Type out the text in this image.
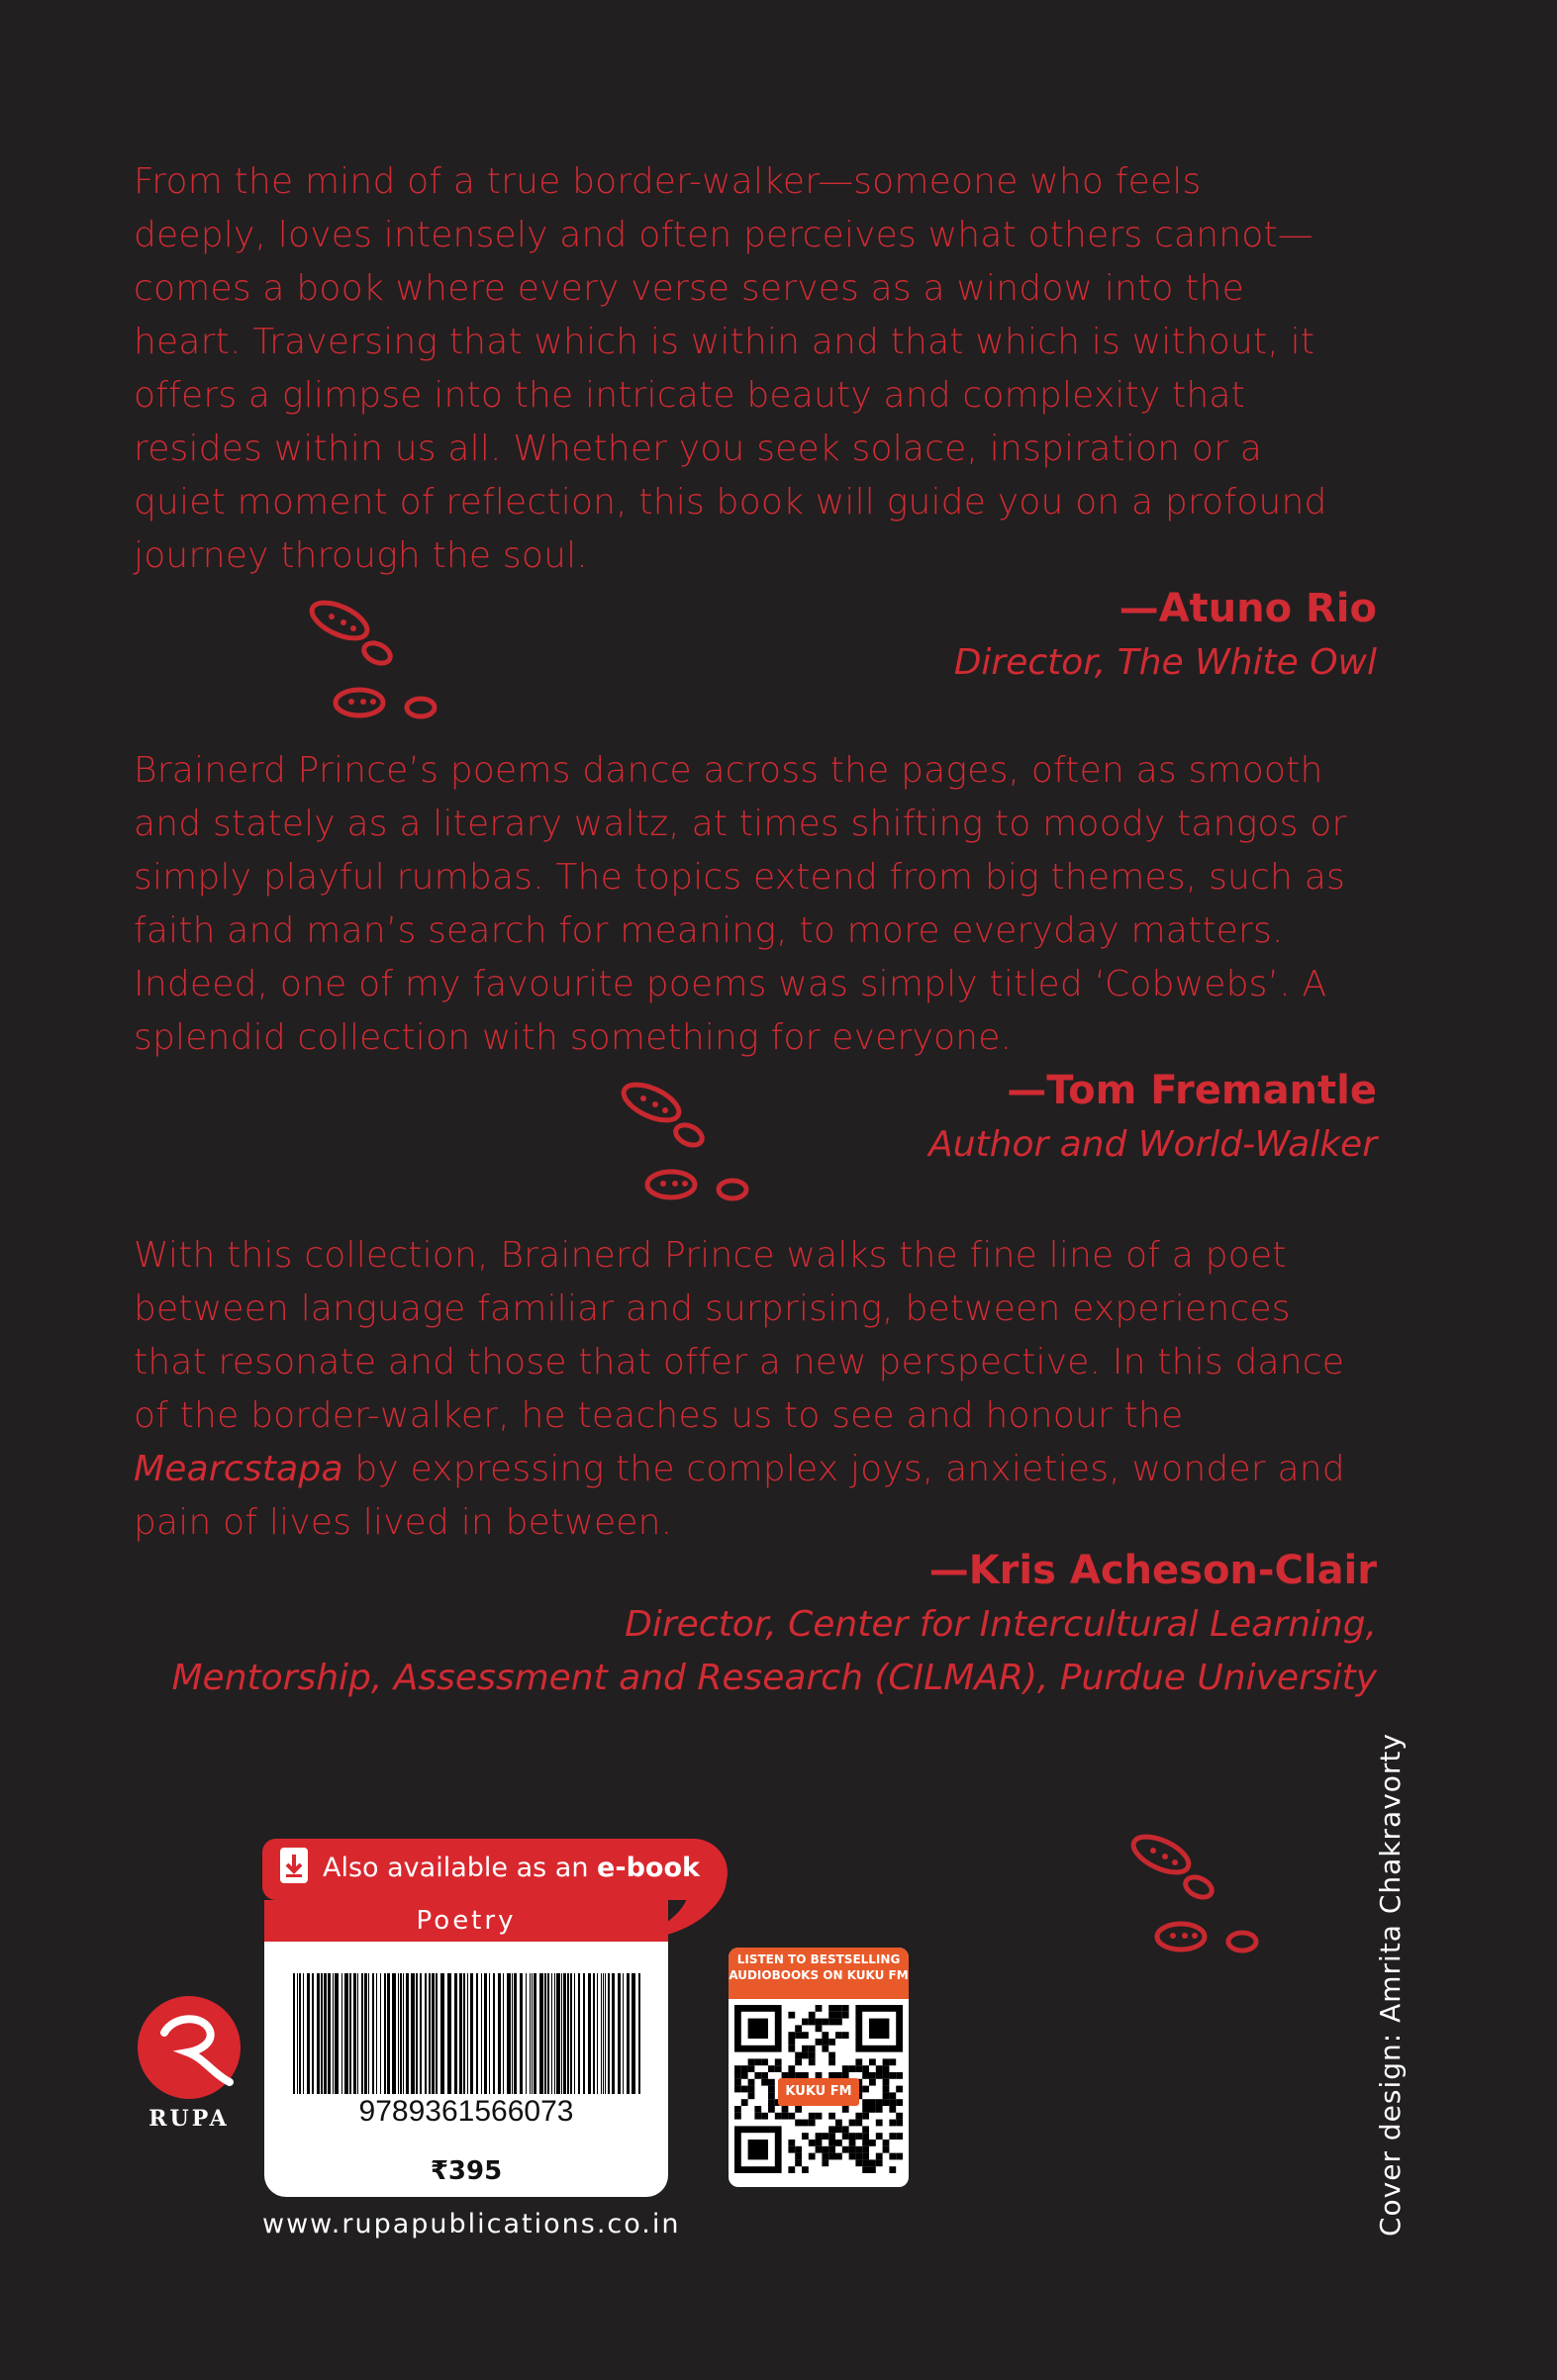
From the mind of a true border-walker—someone who feels deeply, loves intensely and often perceives what others cannot—comes a book where every verse serves as a window into the heart. Traversing that which is within and that which is without, it offers a glimpse into the intricate beauty and complexity that resides within us all. Whether you seek solace, inspiration or a quiet moment of reflection, this book will guide you on a profound journey through the soul.

—Atuno Rio
Director, The White Owl

Brainerd Prince’s poems dance across the pages, often as smooth and stately as a literary waltz, at times shifting to moody tangos or simply playful rumbas. The topics extend from big themes, such as faith and man’s search for meaning, to more everyday matters. Indeed, one of my favourite poems was simply titled ‘Cobwebs’. A splendid collection with something for everyone.

—Tom Fremantle
Author and World-Walker

With this collection, Brainerd Prince walks the fine line of a poet between language familiar and surprising, between experiences that resonate and those that offer a new perspective. In this dance of the border-walker, he teaches us to see and honour the Mearcstapa by expressing the complex joys, anxieties, wonder and pain of lives lived in between.

—Kris Acheson-Clair
Director, Center for Intercultural Learning,
Mentorship, Assessment and Research (CILMAR), Purdue University
Also available as an e-book
Poetry
9789361566073
₹395
www.rupapublications.co.in
RUPA
LISTEN TO BESTSELLING AUDIOBOOKS ON KUKU FM
KUKU FM	Cover design: Amrita Chakravorty
